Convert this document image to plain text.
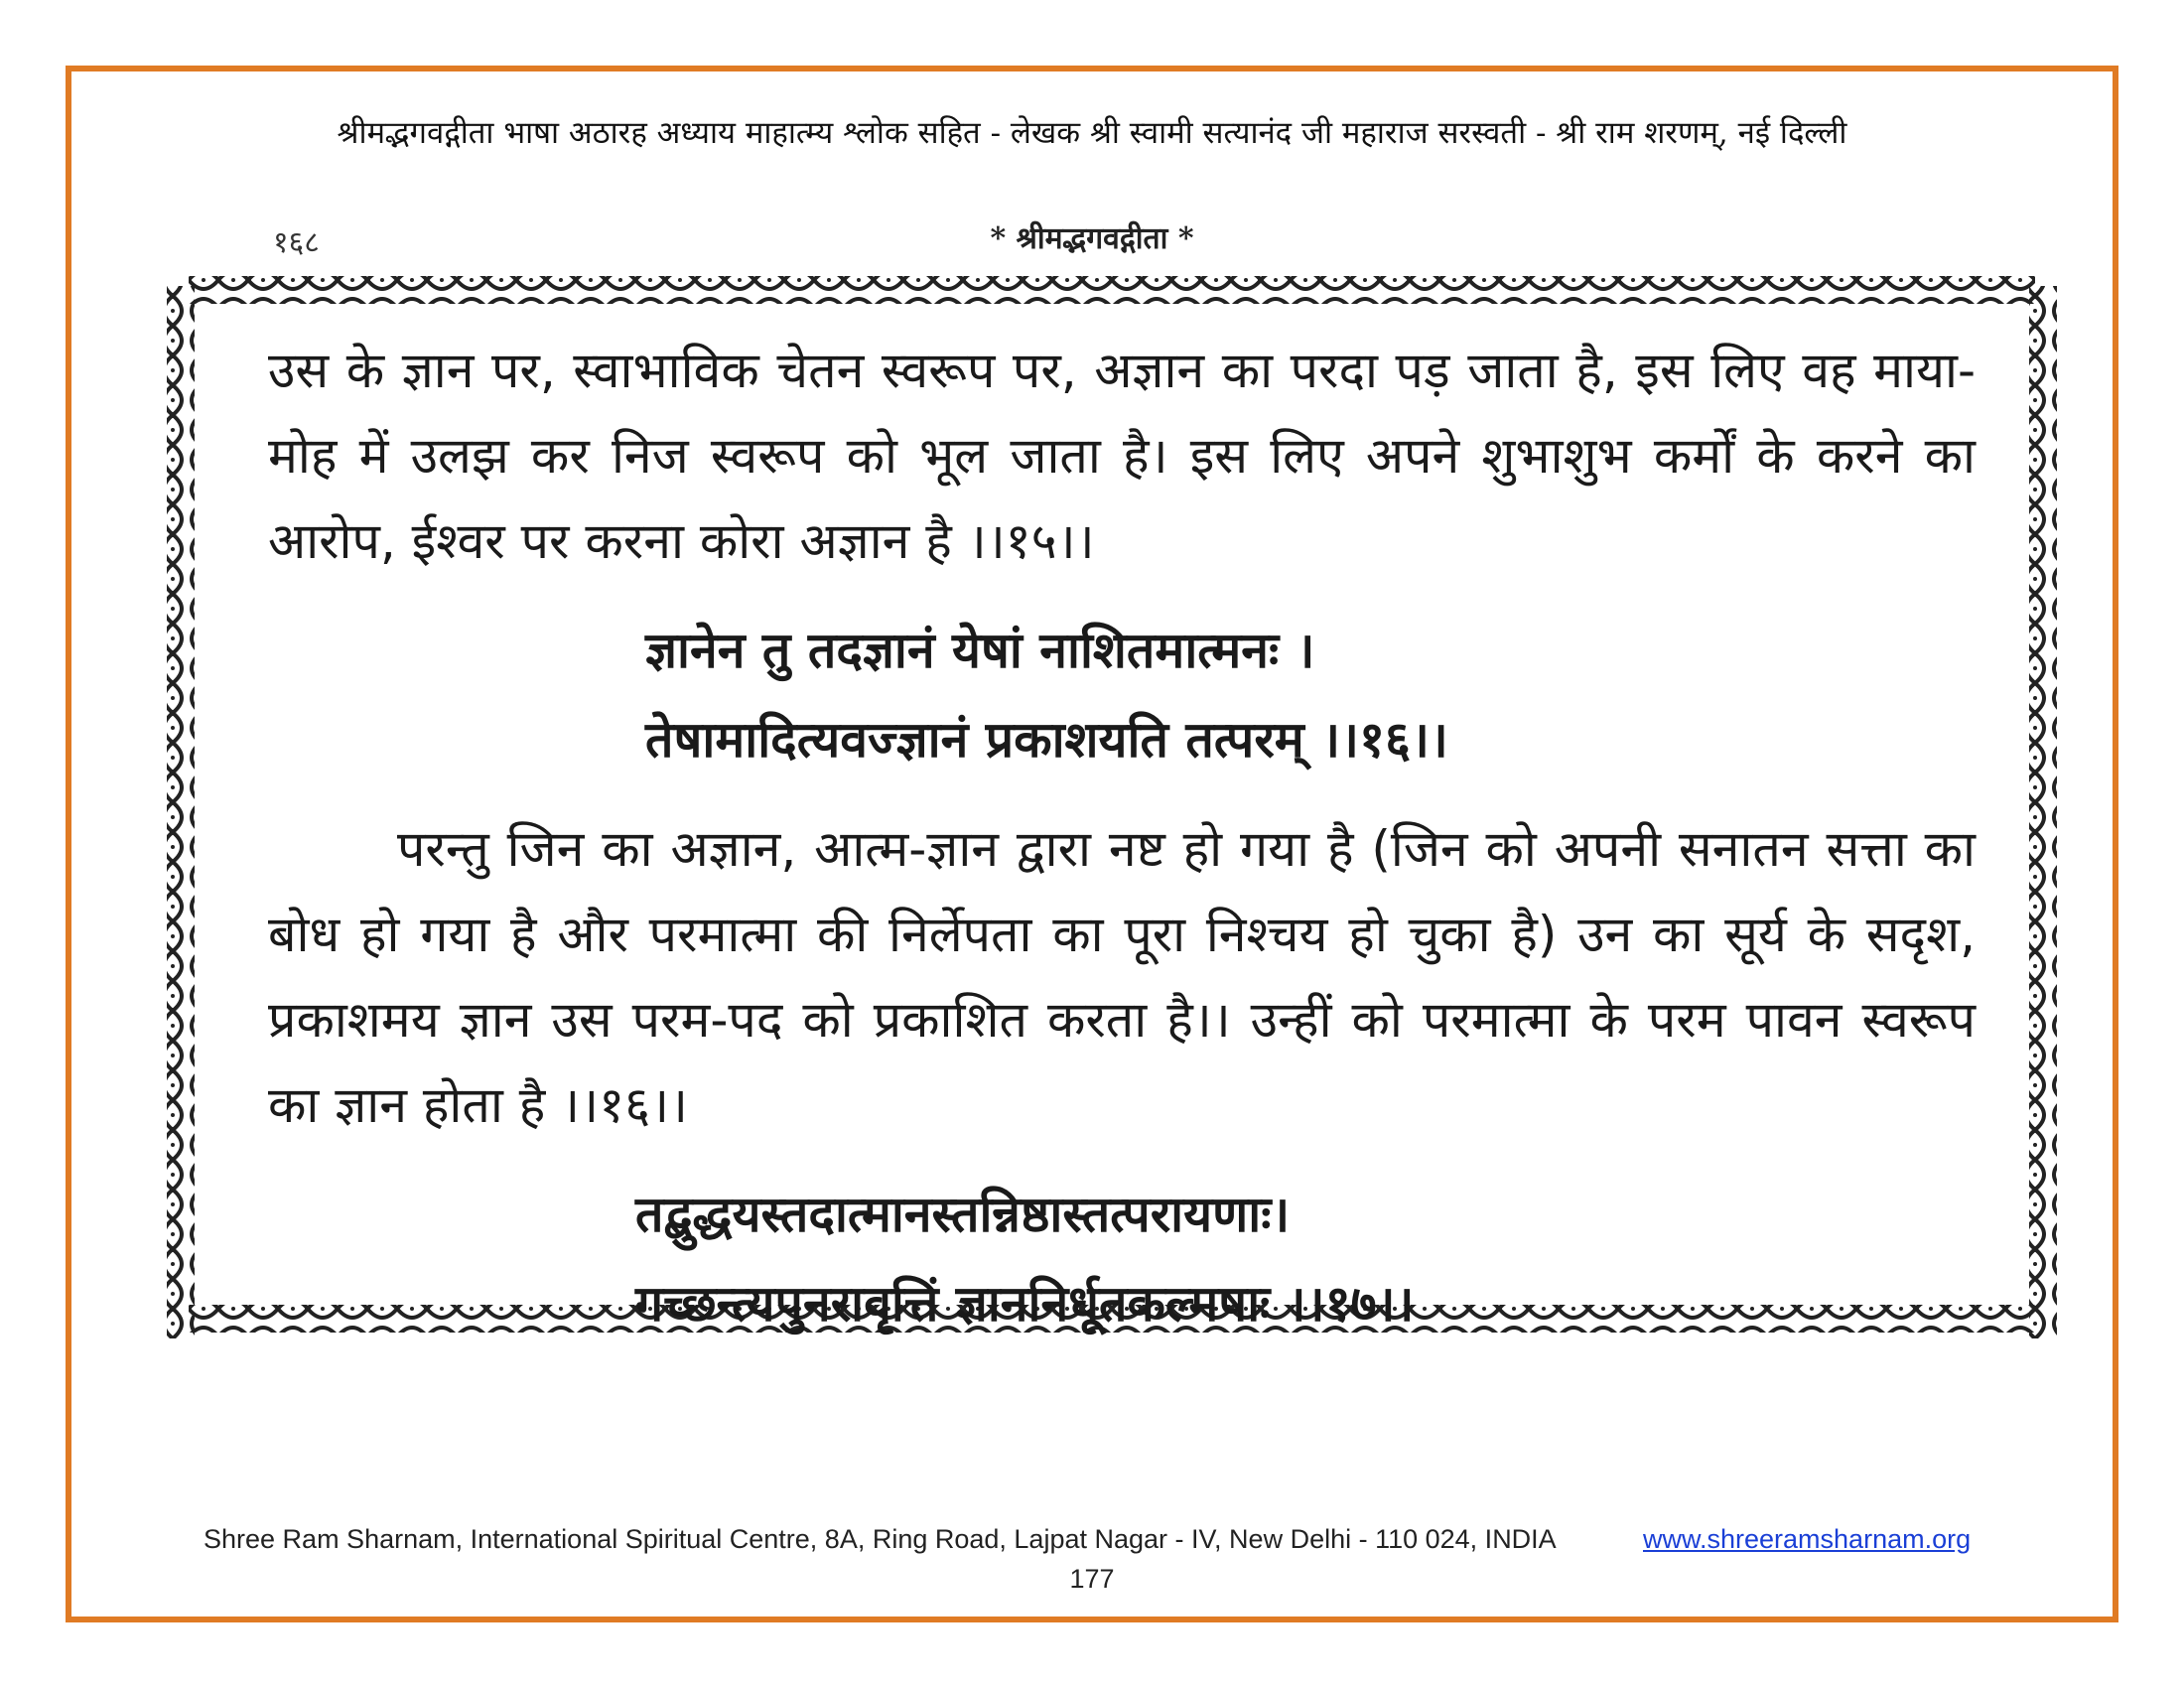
श्रीमद्भगवद्गीता भाषा अठारह अध्याय माहात्म्य श्लोक सहित - लेखक श्री स्वामी सत्यानंद जी महाराज सरस्वती - श्री राम शरणम्, नई दिल्ली
१६८	* श्रीमद्भगवद्गीता *

उस के ज्ञान पर, स्वाभाविक चेतन स्वरूप पर, अज्ञान का परदा पड़ जाता है, इस लिए वह माया-मोह में उलझ कर निज स्वरूप को भूल जाता है। इस लिए अपने शुभाशुभ कर्मों के करने का आरोप, ईश्वर पर करना कोरा अज्ञान है ।।१५।।

ज्ञानेन तु तदज्ञानं येषां नाशितमात्मनः ।

तेषामादित्यवज्ज्ञानं प्रकाशयति तत्परम् ।।१६।।

परन्तु जिन का अज्ञान, आत्म-ज्ञान द्वारा नष्ट हो गया है (जिन को अपनी सनातन सत्ता का बोध हो गया है और परमात्मा की निर्लेपता का पूरा निश्चय हो चुका है) उन का सूर्य के सदृश, प्रकाशमय ज्ञान उस परम-पद को प्रकाशित करता है।। उन्हीं को परमात्मा के परम पावन स्वरूप का ज्ञान होता है ।।१६।।

तद्बुद्धयस्तदात्मानस्तन्निष्ठास्तत्परायणाः।

गच्छन्त्यपुनरावृत्तिं ज्ञाननिर्धूतकल्मषाः ।।१७।।

Shree Ram Sharnam, International Spiritual Centre, 8A, Ring Road, Lajpat Nagar - IV, New Delhi - 110 024, INDIA	www.shreeramsharnam.org
177
